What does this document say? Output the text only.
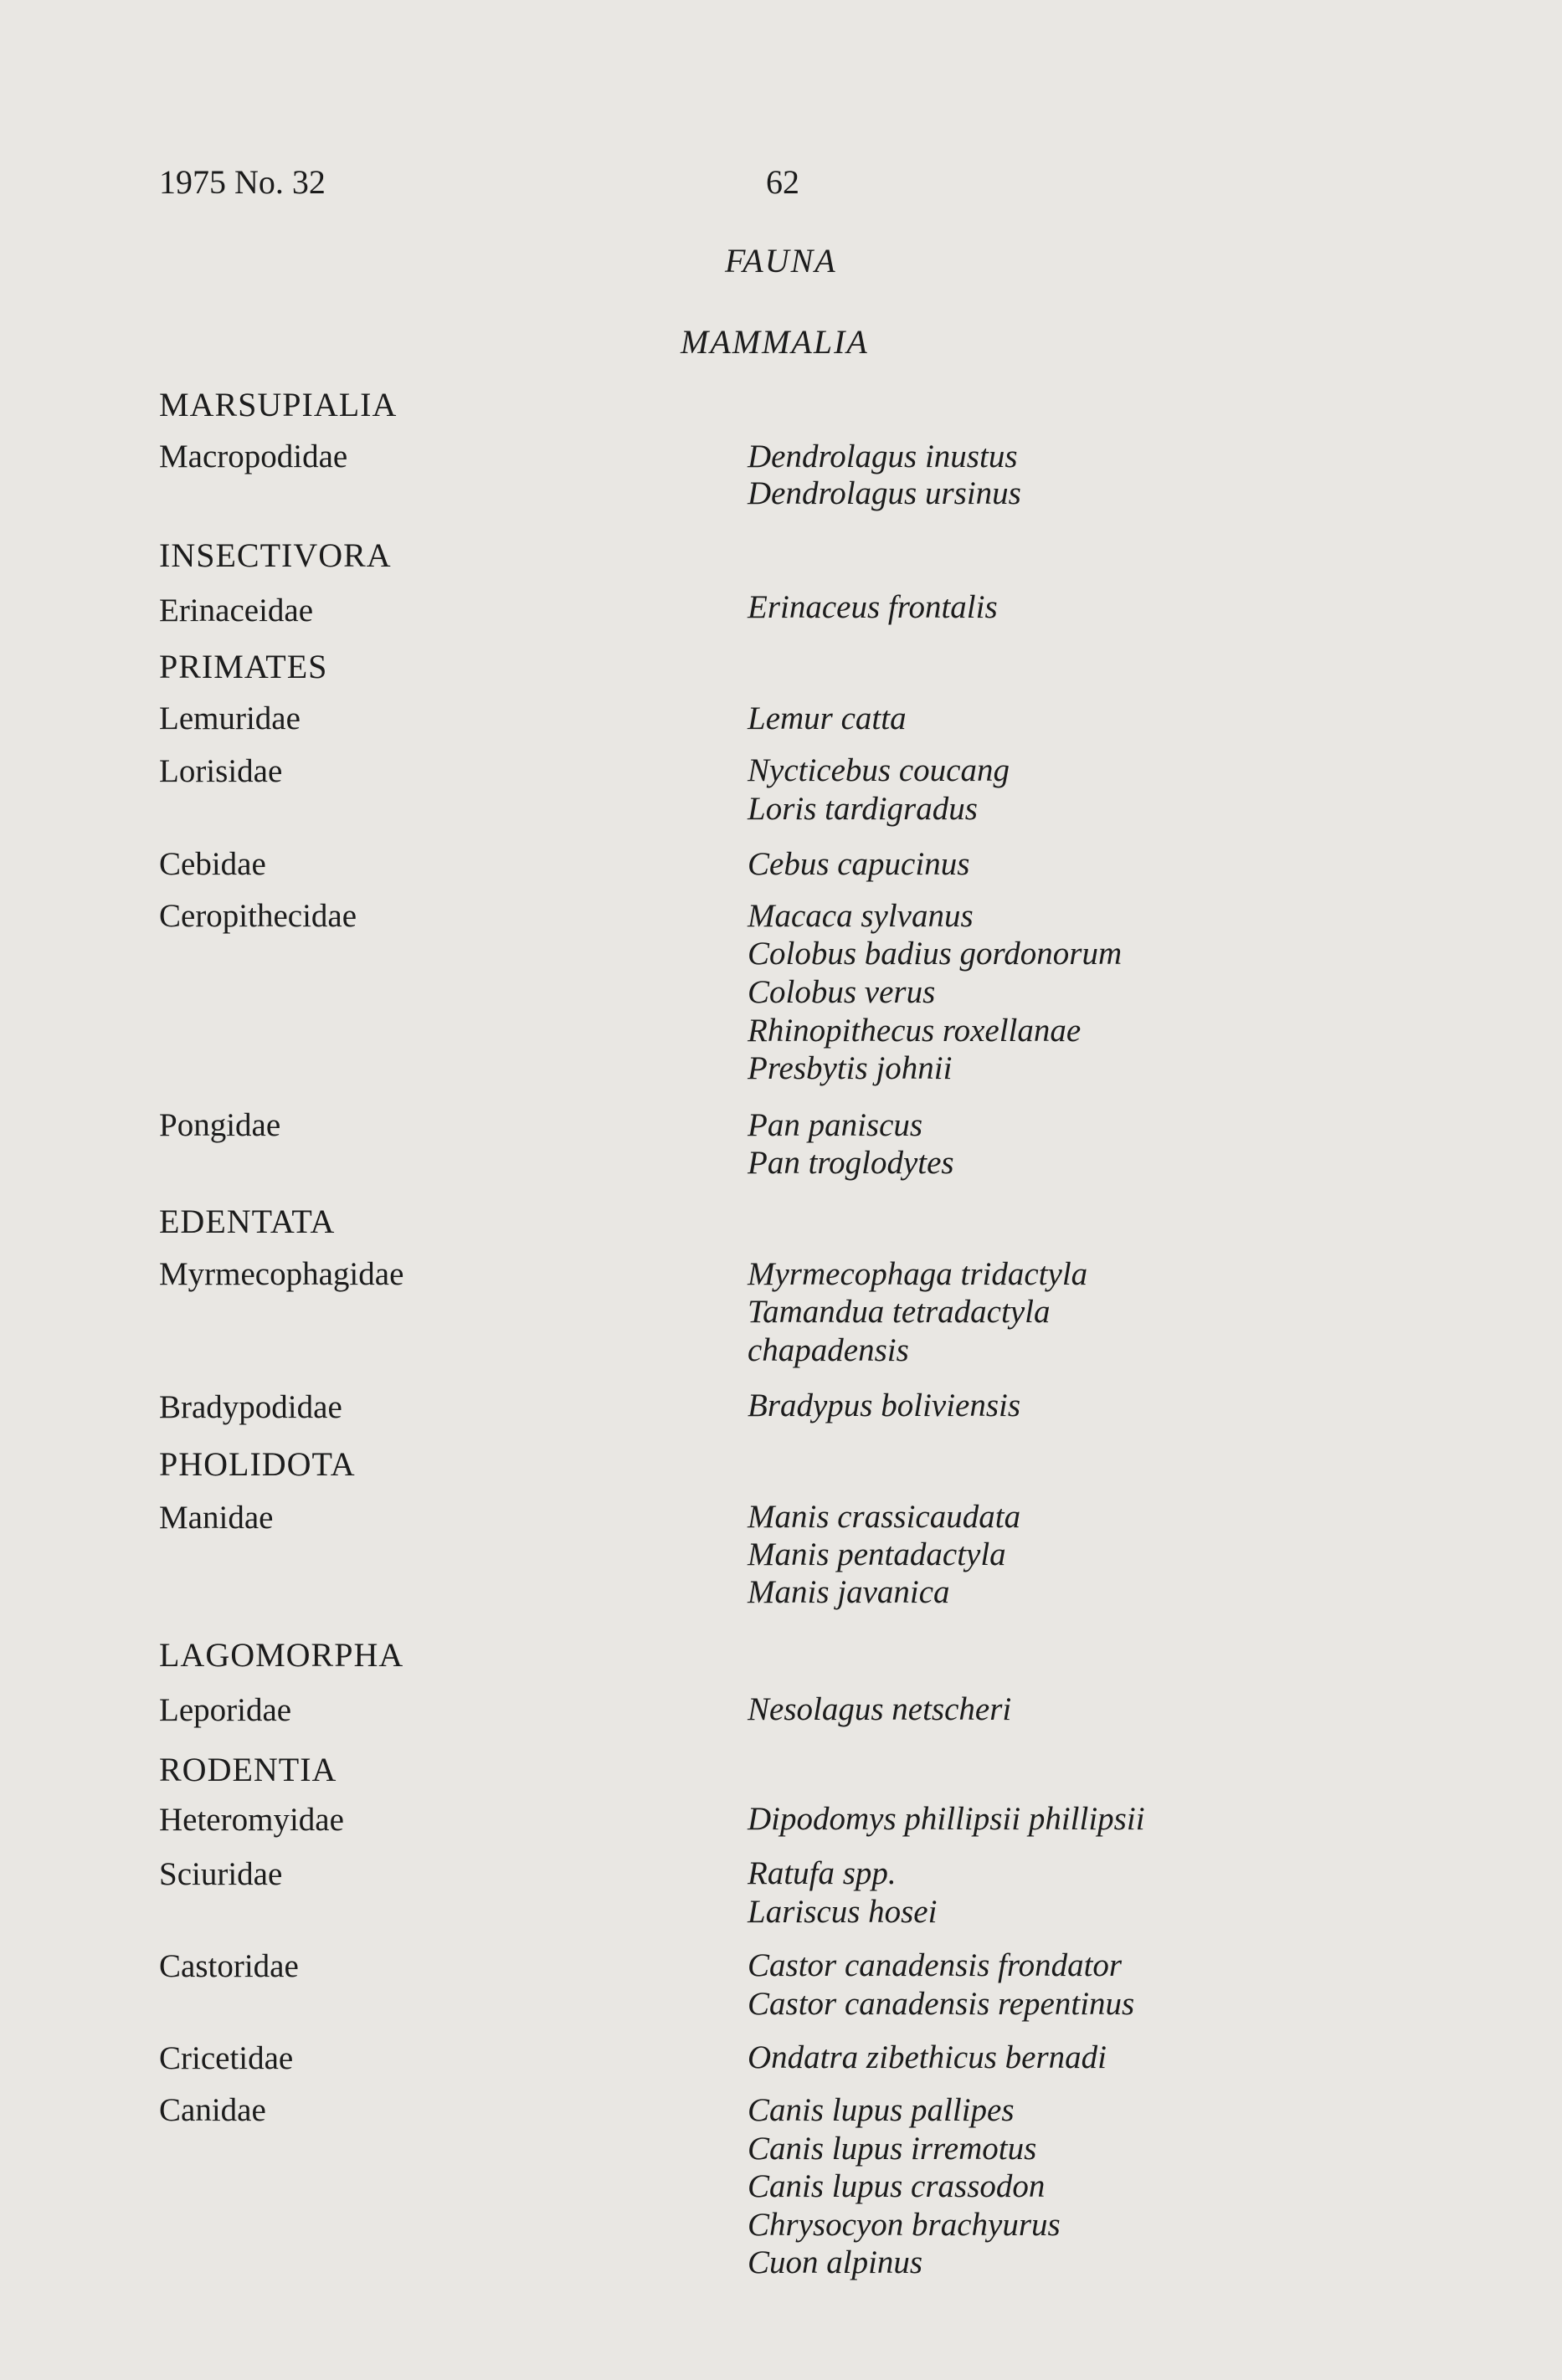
1975 No. 32	62
FAUNA
MAMMALIA
MARSUPIALIA
INSECTIVORA
PRIMATES
EDENTATA
PHOLIDOTA
LAGOMORPHA
RODENTIA
Macropodidae
Erinaceidae
Lemuridae
Lorisidae
Cebidae
Ceropithecidae
Pongidae
Myrmecophagidae
Bradypodidae
Manidae
Leporidae
Heteromyidae
Sciuridae
Castoridae
Cricetidae
Canidae
Dendrolagus inustus
Dendrolagus ursinus
Erinaceus frontalis
Lemur catta
Nycticebus coucang
Loris tardigradus
Cebus capucinus
Macaca sylvanus
Colobus badius gordonorum
Colobus verus
Rhinopithecus roxellanae
Presbytis johnii
Pan paniscus
Pan troglodytes
Myrmecophaga tridactyla
Tamandua tetradactyla
chapadensis
Bradypus boliviensis
Manis crassicaudata
Manis pentadactyla
Manis javanica
Nesolagus netscheri
Dipodomys phillipsii phillipsii
Ratufa spp.
Lariscus hosei
Castor canadensis frondator
Castor canadensis repentinus
Ondatra zibethicus bernadi
Canis lupus pallipes
Canis lupus irremotus
Canis lupus crassodon
Chrysocyon brachyurus
Cuon alpinus
